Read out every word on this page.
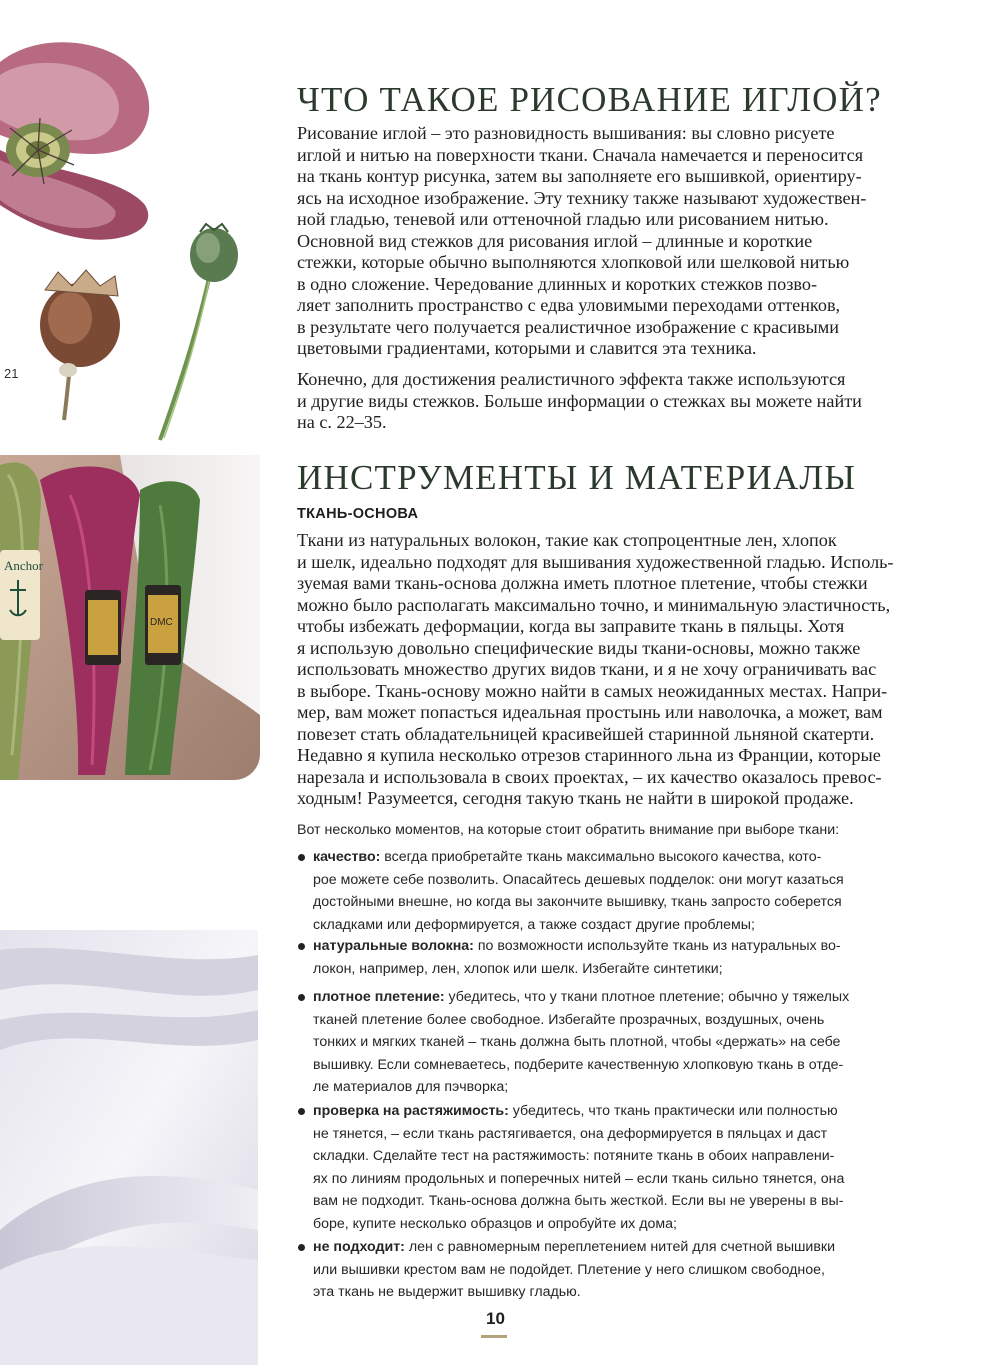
21
Anchor
DMC
ЧТО ТАКОЕ РИСОВАНИЕ ИГЛОЙ?

Рисование иглой – это разновидность вышивания: вы словно рисуете
иглой и нитью на поверхности ткани. Сначала намечается и переносится
на ткань контур рисунка, затем вы заполняете его вышивкой, ориентиру-
ясь на исходное изображение. Эту технику также называют художествен-
ной гладью, теневой или оттеночной гладью или рисованием нитью.
Основной вид стежков для рисования иглой – длинные и короткие
стежки, которые обычно выполняются хлопковой или шелковой нитью
в одно сложение. Чередование длинных и коротких стежков позво-
ляет заполнить пространство с едва уловимыми переходами оттенков,
в результате чего получается реалистичное изображение с красивыми
цветовыми градиентами, которыми и славится эта техника.

Конечно, для достижения реалистичного эффекта также используются
и другие виды стежков. Больше информации о стежках вы можете найти
на с. 22–35.

ИНСТРУМЕНТЫ И МАТЕРИАЛЫ
ТКАНЬ-ОСНОВА

Ткани из натуральных волокон, такие как стопроцентные лен, хлопок
и шелк, идеально подходят для вышивания художественной гладью. Исполь-
зуемая вами ткань-основа должна иметь плотное плетение, чтобы стежки
можно было располагать максимально точно, и минимальную эластичность,
чтобы избежать деформации, когда вы заправите ткань в пяльцы. Хотя
я использую довольно специфические виды ткани-основы, можно также
использовать множество других видов ткани, и я не хочу ограничивать вас
в выборе. Ткань-основу можно найти в самых неожиданных местах. Напри-
мер, вам может попасться идеальная простынь или наволочка, а может, вам
повезет стать обладательницей красивейшей старинной льняной скатерти.
Недавно я купила несколько отрезов старинного льна из Франции, которые
нарезала и использовала в своих проектах, – их качество оказалось превос-
ходным! Разумеется, сегодня такую ткань не найти в широкой продаже.

Вот несколько моментов, на которые стоит обратить внимание при выборе ткани:

качество: всегда приобретайте ткань максимально высокого качества, кото-
рое можете себе позволить. Опасайтесь дешевых подделок: они могут казаться
достойными внешне, но когда вы закончите вышивку, ткань запросто соберется
складками или деформируется, а также создаст другие проблемы;
натуральные волокна: по возможности используйте ткань из натуральных во-
локон, например, лен, хлопок или шелк. Избегайте синтетики;
плотное плетение: убедитесь, что у ткани плотное плетение; обычно у тяжелых
тканей плетение более свободное. Избегайте прозрачных, воздушных, очень
тонких и мягких тканей – ткань должна быть плотной, чтобы «держать» на себе
вышивку. Если сомневаетесь, подберите качественную хлопковую ткань в отде-
ле материалов для пэчворка;
проверка на растяжимость: убедитесь, что ткань практически или полностью
не тянется, – если ткань растягивается, она деформируется в пяльцах и даст
складки. Сделайте тест на растяжимость: потяните ткань в обоих направлени-
ях по линиям продольных и поперечных нитей – если ткань сильно тянется, она
вам не подходит. Ткань-основа должна быть жесткой. Если вы не уверены в вы-
боре, купите несколько образцов и опробуйте их дома;
не подходит: лен с равномерным переплетением нитей для счетной вышивки
или вышивки крестом вам не подойдет. Плетение у него слишком свободное,
эта ткань не выдержит вышивку гладью.
10
